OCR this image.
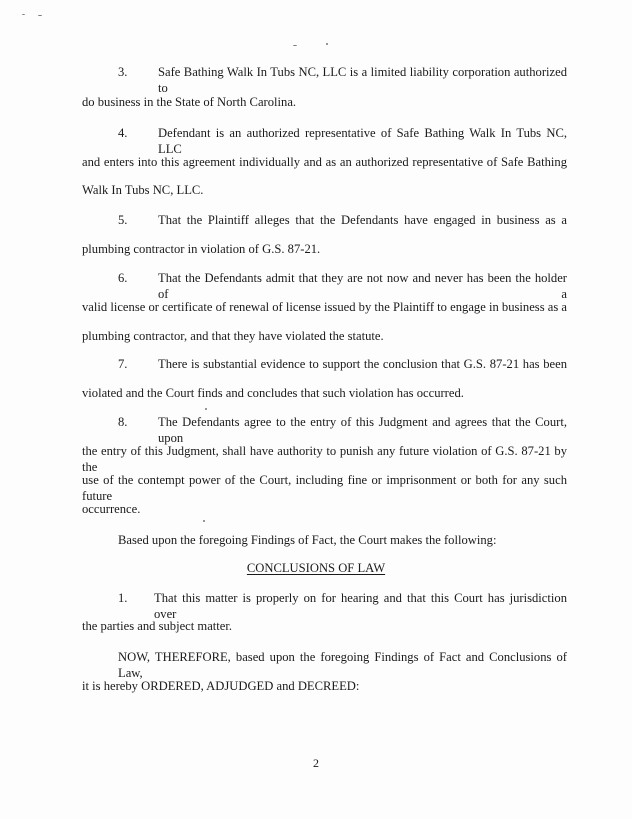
3. Safe Bathing Walk In Tubs NC, LLC is a limited liability corporation authorized to
do business in the State of North Carolina.
4. Defendant is an authorized representative of Safe Bathing Walk In Tubs NC, LLC
and enters into this agreement individually and as an authorized representative of Safe Bathing
Walk In Tubs NC, LLC.
5. That the Plaintiff alleges that the Defendants have engaged in business as a
plumbing contractor in violation of G.S. 87-21.
6. That the Defendants admit that they are not now and never has been the holder of a
valid license or certificate of renewal of license issued by the Plaintiff to engage in business as a
plumbing contractor, and that they have violated the statute.
7. There is substantial evidence to support the conclusion that G.S. 87-21 has been
violated and the Court finds and concludes that such violation has occurred.
8. The Defendants agree to the entry of this Judgment and agrees that the Court, upon
the entry of this Judgment, shall have authority to punish any future violation of G.S. 87-21 by the
use of the contempt power of the Court, including fine or imprisonment or both for any such future
occurrence.
Based upon the foregoing Findings of Fact, the Court makes the following:
CONCLUSIONS OF LAW
1. That this matter is properly on for hearing and that this Court has jurisdiction over
the parties and subject matter.
NOW, THEREFORE, based upon the foregoing Findings of Fact and Conclusions of Law,
it is hereby ORDERED, ADJUDGED and DECREED:
2
